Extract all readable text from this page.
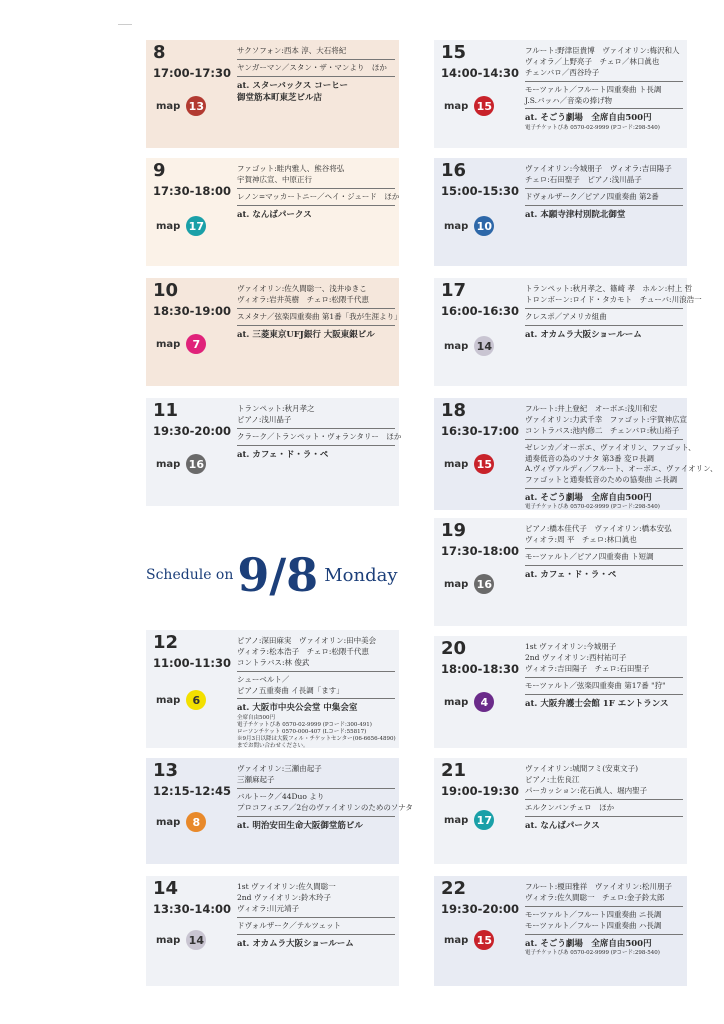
8
17:00-17:30
map 13
サクソフォン:西本 淳、大石将紀
ヤンガーマン／スタン・ザ・マンより　ほか
at. スターバックス コーヒー
御堂筋本町東芝ビル店
9
17:30-18:00
map 17
ファゴット:畦内雅人、熊谷将弘
宇賀神広宣、中原正行
レノン=マッカートニー／ヘイ・ジュード　ほか
at. なんばパークス
10
18:30-19:00
map	7
ヴァイオリン:佐久間聡一、浅井ゆきこ
ヴィオラ:岩井英樹　チェロ:松隈千代恵
スメタナ／弦楽四重奏曲 第1番「我が生涯より」
at. 三菱東京UFJ銀行 大阪東銀ビル
11
19:30-20:00
map 16
トランペット:秋月孝之
ピアノ:浅川晶子
クラーク／トランペット・ヴォランタリー　ほか
at. カフェ・ド・ラ・ペ
Schedule on 9/8 Monday
12
11:00-11:30
map	6
ピアノ:深田麻実　ヴァイオリン:田中美会
ヴィオラ:松本浩子　チェロ:松隈千代恵
コントラバス:林 俊武
シューベルト／
ピアノ五重奏曲 イ長調「ます」
at. 大阪市中央公会堂 中集会室
全席自由500円
電子チケットぴあ 0570-02-9999 (Pコード:300-491)
ローソンチケット 0570-000-407 (Lコード:55817)
※9月3日以降は大阪フィル・チケットセンター(06-6656-4890)
までお問い合わせください。
13
12:15-12:45
map	8
ヴァイオリン:三瀬由起子
三瀬麻起子
バルトーク／44Duo より
プロコフィエフ／2台のヴァイオリンのためのソナタ
at. 明治安田生命大阪御堂筋ビル
14
13:30-14:00
map 14
1st ヴァイオリン:佐久間聡一
2nd ヴァイオリン:鈴木玲子
ヴィオラ:川元靖子
ドヴォルザーク／テルツェット
at. オカムラ大阪ショールーム
15
14:00-14:30
map 15
フルート:野津臣貴博　ヴァイオリン:梅沢和人
ヴィオラ／上野亮子　チェロ／林口眞也
チェンバロ／西谷玲子
モーツァルト／フルート四重奏曲 ト長調
J.S.バッハ／音楽の捧げ物
at. そごう劇場　全席自由500円
電子チケットぴあ 0570-02-9999 (Pコード:298-540)
16
15:00-15:30
map 10
ヴァイオリン:今城朋子　ヴィオラ:吉田陽子
チェロ:石田聖子　ピアノ:浅川晶子
ドヴォルザーク／ピアノ四重奏曲 第2番
at. 本願寺津村別院北御堂
17
16:00-16:30
map 14
トランペット:秋月孝之、篠崎 孝　ホルン:村上 哲
トロンボーン:ロイド・タカモト　チューバ:川浪浩一
クレスポ／アメリカ組曲
at. オカムラ大阪ショールーム
18
16:30-17:00
map 15
フルート:井上登紀　オーボエ:浅川和宏
ヴァイオリン:力武千幸　ファゴット:宇賀神広宣
コントラバス:池内修二　チェンバロ:秋山裕子
ゼレンカ／オーボエ、ヴァイオリン、ファゴット、
通奏低音の為のソナタ 第3番 変ロ長調
A.ヴィヴァルディ／フルート、オーボエ、ヴァイオリン、
ファゴットと通奏低音のための協奏曲 ニ長調
at. そごう劇場　全席自由500円
電子チケットぴあ 0570-02-9999 (Pコード:298-540)
19
17:30-18:00
map 16
ピアノ:橋本佳代子　ヴァイオリン:橋本安弘
ヴィオラ:周 平　チェロ:林口眞也
モーツァルト／ピアノ四重奏曲 ト短調
at. カフェ・ド・ラ・ペ
20
18:00-18:30
map	4
1st ヴァイオリン:今城朋子
2nd ヴァイオリン:西村祐可子
ヴィオラ:吉田陽子　チェロ:石田聖子
モーツァルト／弦楽四重奏曲 第17番 "狩"
at. 大阪弁護士会館 1F エントランス
21
19:00-19:30
map 17
ヴァイオリン:城間フミ(安東文子)
ピアノ:土佐良江
パーカッション:花石眞人、堀内聖子
エルクンバンチェロ　ほか
at. なんばパークス
22
19:30-20:00
map 15
フルート:榎田雅祥　ヴァイオリン:松川朋子
ヴィオラ:佐久間聡一　チェロ:金子鈴太郎
モーツァルト／フルート四重奏曲 ニ長調
モーツァルト／フルート四重奏曲 ハ長調
at. そごう劇場　全席自由500円
電子チケットぴあ 0570-02-9999 (Pコード:298-540)
